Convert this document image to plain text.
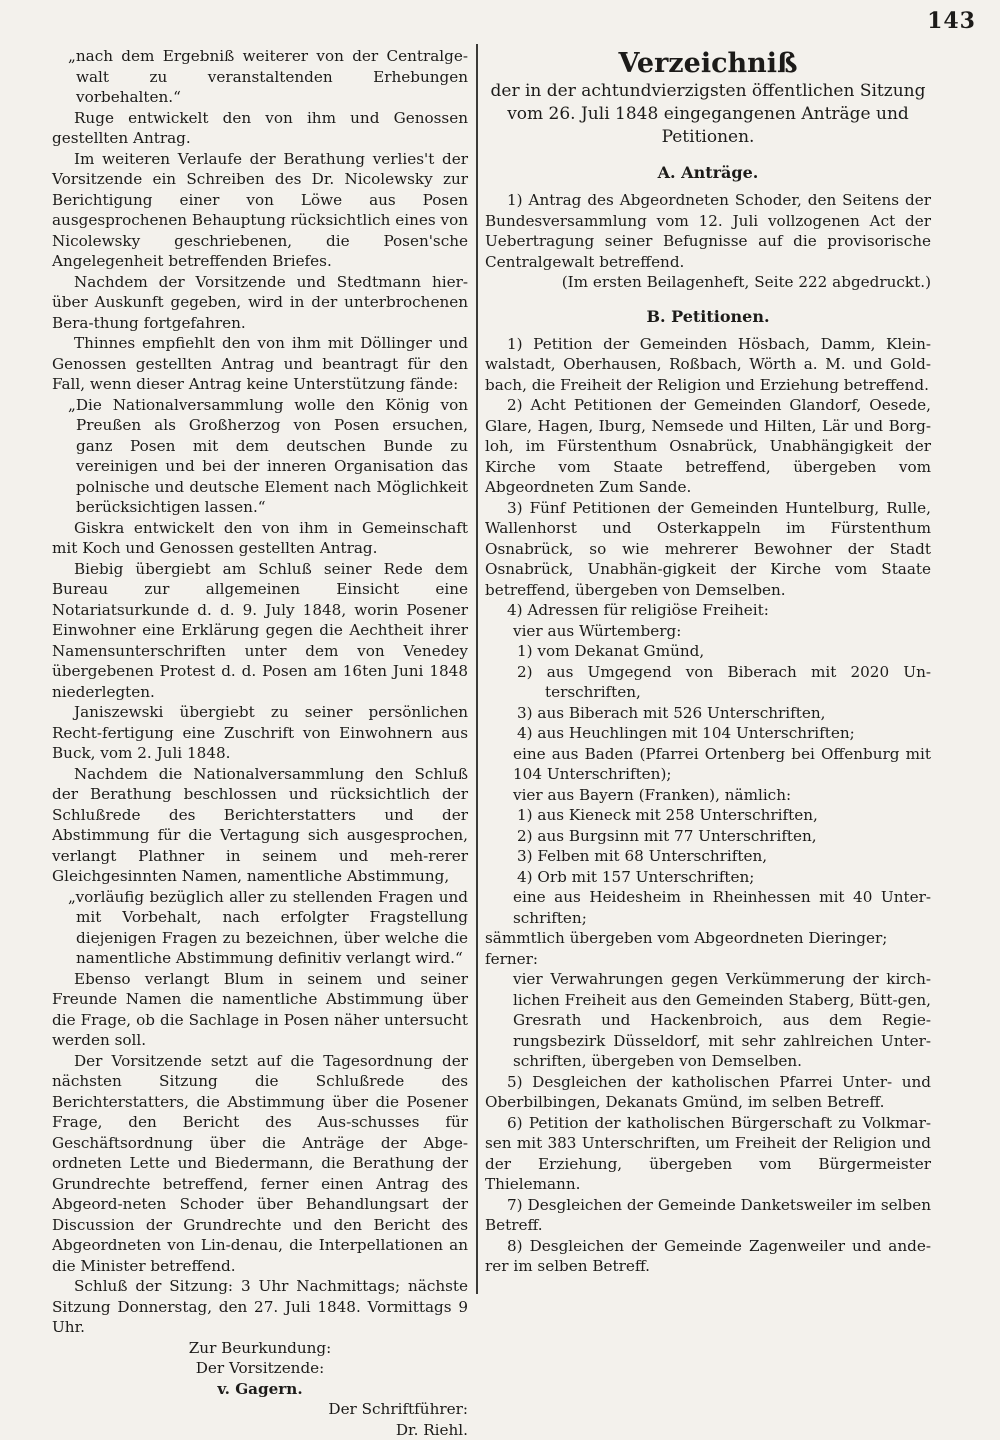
143

„nach dem Ergebniß weiterer von der Centralge-walt zu veranstaltenden Erhebungen vorbehalten.“

Ruge entwickelt den von ihm und Genossen gestellten Antrag.

Im weiteren Verlaufe der Berathung verlies't der Vorsitzende ein Schreiben des Dr. Nicolewsky zur Berichtigung einer von Löwe aus Posen ausgesprochenen Behauptung rücksichtlich eines von Nicolewsky geschriebenen, die Posen'sche Angelegenheit betreffenden Briefes.

Nachdem der Vorsitzende und Stedtmann hier-über Auskunft gegeben, wird in der unterbrochenen Bera-thung fortgefahren.

Thinnes empfiehlt den von ihm mit Döllinger und Genossen gestellten Antrag und beantragt für den Fall, wenn dieser Antrag keine Unterstützung fände:

„Die Nationalversammlung wolle den König von Preußen als Großherzog von Posen ersuchen, ganz Posen mit dem deutschen Bunde zu vereinigen und bei der inneren Organisation das polnische und deutsche Element nach Möglichkeit berücksichtigen lassen.“

Giskra entwickelt den von ihm in Gemeinschaft mit Koch und Genossen gestellten Antrag.

Biebig übergiebt am Schluß seiner Rede dem Bureau zur allgemeinen Einsicht eine Notariatsurkunde d. d. 9. July 1848, worin Posener Einwohner eine Erklärung gegen die Aechtheit ihrer Namensunterschriften unter dem von Venedey übergebenen Protest d. d. Posen am 16ten Juni 1848 niederlegten.

Janiszewski übergiebt zu seiner persönlichen Recht-fertigung eine Zuschrift von Einwohnern aus Buck, vom 2. Juli 1848.

Nachdem die Nationalversammlung den Schluß der Berathung beschlossen und rücksichtlich der Schlußrede des Berichterstatters und der Abstimmung für die Vertagung sich ausgesprochen, verlangt Plathner in seinem und meh-rerer Gleichgesinnten Namen, namentliche Abstimmung,

„vorläufig bezüglich aller zu stellenden Fragen und mit Vorbehalt, nach erfolgter Fragstellung diejenigen Fragen zu bezeichnen, über welche die namentliche Abstimmung definitiv verlangt wird.“

Ebenso verlangt Blum in seinem und seiner Freunde Namen die namentliche Abstimmung über die Frage, ob die Sachlage in Posen näher untersucht werden soll.

Der Vorsitzende setzt auf die Tagesordnung der nächsten Sitzung die Schlußrede des Berichterstatters, die Abstimmung über die Posener Frage, den Bericht des Aus-schusses für Geschäftsordnung über die Anträge der Abge-ordneten Lette und Biedermann, die Berathung der Grundrechte betreffend, ferner einen Antrag des Abgeord-neten Schoder über Behandlungsart der Discussion der Grundrechte und den Bericht des Abgeordneten von Lin-denau, die Interpellationen an die Minister betreffend.

Schluß der Sitzung: 3 Uhr Nachmittags; nächste Sitzung Donnerstag, den 27. Juli 1848. Vormittags 9 Uhr.

Zur Beurkundung:

Der Vorsitzende:

v. Gagern.

Der Schriftführer:

Dr. Riehl.

Verzeichniß

der in der achtundvierzigsten öffentlichen Sitzung vom 26. Juli 1848 eingegangenen Anträge und Petitionen.

A. Anträge.

1) Antrag des Abgeordneten Schoder, den Seitens der Bundesversammlung vom 12. Juli vollzogenen Act der Uebertragung seiner Befugnisse auf die provisorische Centralgewalt betreffend.

(Im ersten Beilagenheft, Seite 222 abgedruckt.)

B. Petitionen.

1) Petition der Gemeinden Hösbach, Damm, Klein-walstadt, Oberhausen, Roßbach, Wörth a. M. und Gold-bach, die Freiheit der Religion und Erziehung betreffend.

2) Acht Petitionen der Gemeinden Glandorf, Oesede, Glare, Hagen, Iburg, Nemsede und Hilten, Lär und Borg-loh, im Fürstenthum Osnabrück, Unabhängigkeit der Kirche vom Staate betreffend, übergeben vom Abgeordneten Zum Sande.

3) Fünf Petitionen der Gemeinden Huntelburg, Rulle, Wallenhorst und Osterkappeln im Fürstenthum Osnabrück, so wie mehrerer Bewohner der Stadt Osnabrück, Unabhän-gigkeit der Kirche vom Staate betreffend, übergeben von Demselben.

4) Adressen für religiöse Freiheit:

vier aus Würtemberg:

1) vom Dekanat Gmünd,

2) aus Umgegend von Biberach mit 2020 Un-terschriften,

3) aus Biberach mit 526 Unterschriften,

4) aus Heuchlingen mit 104 Unterschriften;

eine aus Baden (Pfarrei Ortenberg bei Offenburg mit 104 Unterschriften);

vier aus Bayern (Franken), nämlich:

1) aus Kieneck mit 258 Unterschriften,

2) aus Burgsinn mit 77 Unterschriften,

3) Felben mit 68 Unterschriften,

4) Orb mit 157 Unterschriften;

eine aus Heidesheim in Rheinhessen mit 40 Unter-schriften;

sämmtlich übergeben vom Abgeordneten Dieringer;

ferner:

vier Verwahrungen gegen Verkümmerung der kirch-lichen Freiheit aus den Gemeinden Staberg, Bütt-gen, Gresrath und Hackenbroich, aus dem Regie-rungsbezirk Düsseldorf, mit sehr zahlreichen Unter-schriften, übergeben von Demselben.

5) Desgleichen der katholischen Pfarrei Unter- und Oberbilbingen, Dekanats Gmünd, im selben Betreff.

6) Petition der katholischen Bürgerschaft zu Volkmar-sen mit 383 Unterschriften, um Freiheit der Religion und der Erziehung, übergeben vom Bürgermeister Thielemann.

7) Desgleichen der Gemeinde Danketsweiler im selben Betreff.

8) Desgleichen der Gemeinde Zagenweiler und ande-rer im selben Betreff.
